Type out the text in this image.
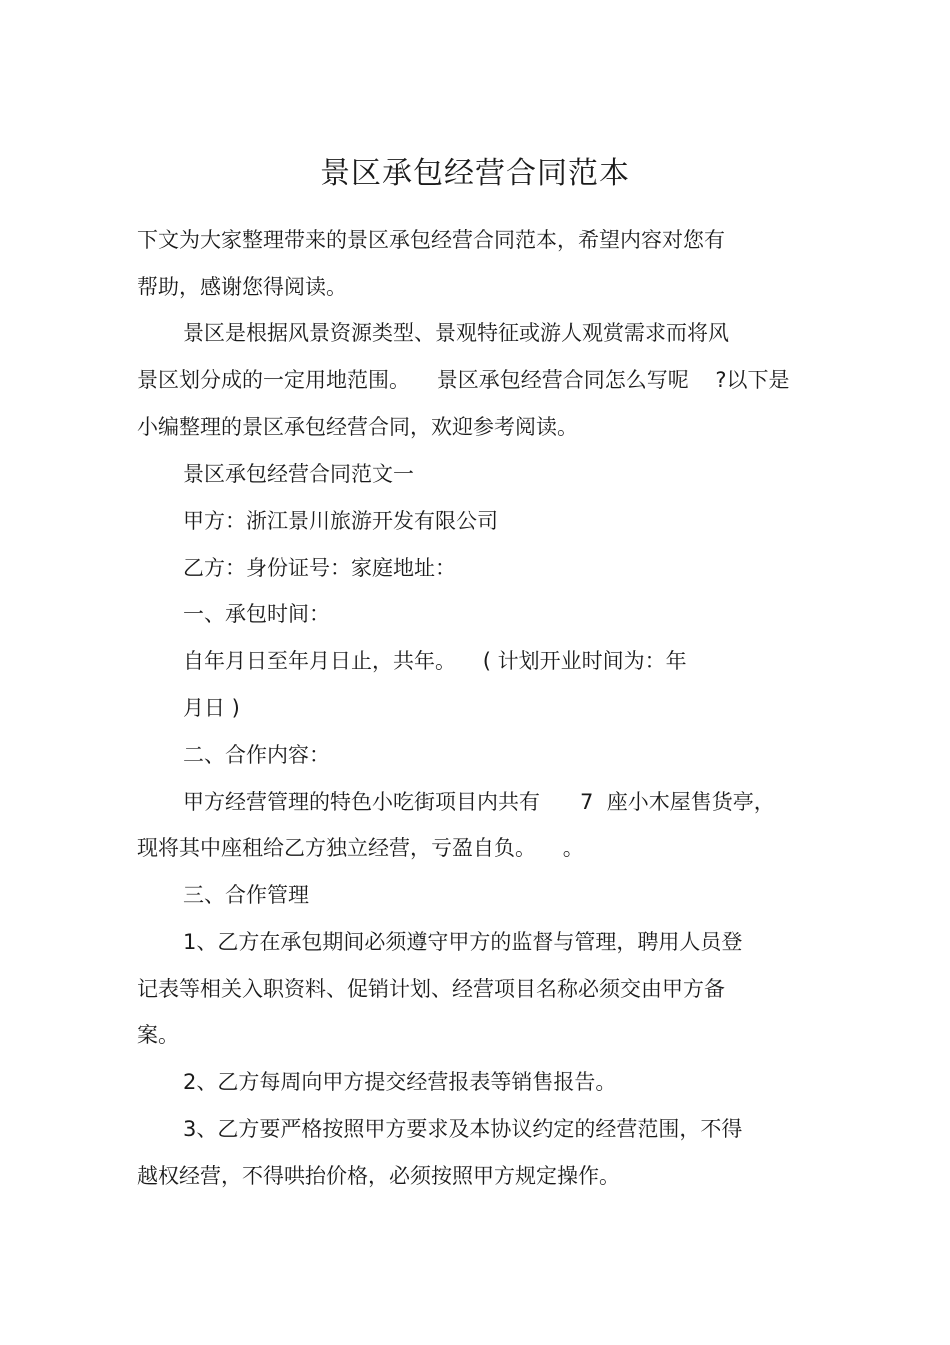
景区承包经营合同范本
下文为大家整理带来的景区承包经营合同范本，希望内容对您有
帮助，感谢您得阅读。
景区是根据风景资源类型、景观特征或游人观赏需求而将风
景区划分成的一定用地范围。    景区承包经营合同怎么写呢    ?以下是
小编整理的景区承包经营合同，欢迎参考阅读。
景区承包经营合同范文一
甲方：浙江景川旅游开发有限公司
乙方：身份证号：家庭地址：
一、承包时间：
自年月日至年月日止，共年。    ( 计划开业时间为：年
月日 )
二、合作内容：
甲方经营管理的特色小吃街项目内共有      7  座小木屋售货亭，
现将其中座租给乙方独立经营，亏盈自负。    。
三、合作管理
1、乙方在承包期间必须遵守甲方的监督与管理，聘用人员登
记表等相关入职资料、促销计划、经营项目名称必须交由甲方备
案。
2、乙方每周向甲方提交经营报表等销售报告。
3、乙方要严格按照甲方要求及本协议约定的经营范围，不得
越权经营，不得哄抬价格，必须按照甲方规定操作。
